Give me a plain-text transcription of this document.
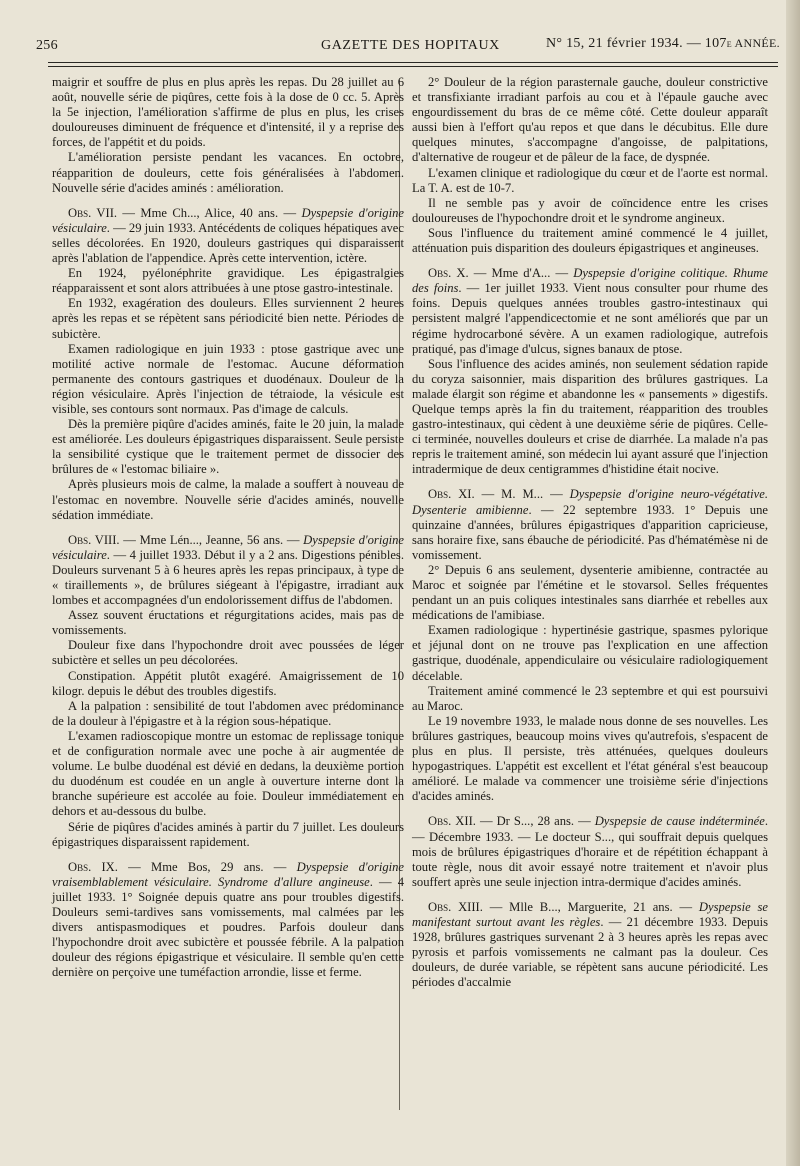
256	GAZETTE DES HOPITAUX	N° 15, 21 février 1934. — 107e ANNÉE.

maigrir et souffre de plus en plus après les repas. Du 28 juillet au 6 août, nouvelle série de piqûres, cette fois à la dose de 0 cc. 5. Après la 5e injection, l'amélioration s'affirme de plus en plus, les crises douloureuses diminuent de fréquence et d'intensité, il y a reprise des forces, de l'appétit et du poids.

L'amélioration persiste pendant les vacances. En octobre, réapparition de douleurs, cette fois généralisées à l'abdomen. Nouvelle série d'acides aminés : amélioration.

Obs. VII. — Mme Ch..., Alice, 40 ans. — Dyspepsie d'origine vésiculaire. — 29 juin 1933. Antécédents de coliques hépatiques avec selles décolorées. En 1920, douleurs gastriques qui disparaissent après l'ablation de l'appendice. Après cette intervention, ictère.

En 1924, pyélonéphrite gravidique. Les épigastralgies réapparaissent et sont alors attribuées à une ptose gastro-intestinale.

En 1932, exagération des douleurs. Elles surviennent 2 heures après les repas et se répètent sans périodicité bien nette. Périodes de subictère.

Examen radiologique en juin 1933 : ptose gastrique avec une motilité active normale de l'estomac. Aucune déformation permanente des contours gastriques et duodénaux. Douleur de la région vésiculaire. Après l'injection de tétraiode, la vésicule est visible, ses contours sont normaux. Pas d'image de calculs.

Dès la première piqûre d'acides aminés, faite le 20 juin, la malade est améliorée. Les douleurs épigastriques disparaissent. Seule persiste la sensibilité cystique que le traitement permet de dissocier des brûlures de « l'estomac biliaire ».

Après plusieurs mois de calme, la malade a souffert à nouveau de l'estomac en novembre. Nouvelle série d'acides aminés, nouvelle sédation immédiate.

Obs. VIII. — Mme Lén..., Jeanne, 56 ans. — Dyspepsie d'origine vésiculaire. — 4 juillet 1933. Début il y a 2 ans. Digestions pénibles. Douleurs survenant 5 à 6 heures après les repas principaux, à type de « tiraillements », de brûlures siégeant à l'épigastre, irradiant aux lombes et accompagnées d'un endolorissement diffus de l'abdomen.

Assez souvent éructations et régurgitations acides, mais pas de vomissements.

Douleur fixe dans l'hypochondre droit avec poussées de léger subictère et selles un peu décolorées.

Constipation. Appétit plutôt exagéré. Amaigrissement de 10 kilogr. depuis le début des troubles digestifs.

A la palpation : sensibilité de tout l'abdomen avec prédominance de la douleur à l'épigastre et à la région sous-hépatique.

L'examen radioscopique montre un estomac de replissage tonique et de configuration normale avec une poche à air augmentée de volume. Le bulbe duodénal est dévié en dedans, la deuxième portion du duodénum est coudée en un angle à ouverture interne dont la branche supérieure est accolée au foie. Douleur immédiatement en dehors et au-dessous du bulbe.

Série de piqûres d'acides aminés à partir du 7 juillet. Les douleurs épigastriques disparaissent rapidement.

Obs. IX. — Mme Bos, 29 ans. — Dyspepsie d'origine vraisemblablement vésiculaire. Syndrome d'allure angineuse. — 4 juillet 1933. 1° Soignée depuis quatre ans pour troubles digestifs. Douleurs semi-tardives sans vomissements, mal calmées par les divers antispasmodiques et poudres. Parfois douleur dans l'hypochondre droit avec subictère et poussée fébrile. A la palpation douleur des régions épigastrique et vésiculaire. Il semble qu'en cette dernière on perçoive une tuméfaction arrondie, lisse et ferme.

2° Douleur de la région parasternale gauche, douleur constrictive et transfixiante irradiant parfois au cou et à l'épaule gauche avec engourdissement du bras de ce même côté. Cette douleur apparaît aussi bien à l'effort qu'au repos et que dans le décubitus. Elle dure quelques minutes, s'accompagne d'angoisse, de palpitations, d'alternative de rougeur et de pâleur de la face, de dyspnée.

L'examen clinique et radiologique du cœur et de l'aorte est normal. La T. A. est de 10-7.

Il ne semble pas y avoir de coïncidence entre les crises douloureuses de l'hypochondre droit et le syndrome angineux.

Sous l'influence du traitement aminé commencé le 4 juillet, atténuation puis disparition des douleurs épigastriques et angineuses.

Obs. X. — Mme d'A... — Dyspepsie d'origine colitique. Rhume des foins. — 1er juillet 1933. Vient nous consulter pour rhume des foins. Depuis quelques années troubles gastro-intestinaux qui persistent malgré l'appendicectomie et ne sont améliorés que par un régime hydrocarboné sévère. A un examen radiologique, autrefois pratiqué, pas d'image d'ulcus, signes banaux de ptose.

Sous l'influence des acides aminés, non seulement sédation rapide du coryza saisonnier, mais disparition des brûlures gastriques. La malade élargit son régime et abandonne les « pansements » digestifs. Quelque temps après la fin du traitement, réapparition des troubles gastro-intestinaux, qui cèdent à une deuxième série de piqûres. Celle-ci terminée, nouvelles douleurs et crise de diarrhée. La malade n'a pas repris le traitement aminé, son médecin lui ayant assuré que l'injection intradermique de deux centigrammes d'histidine était nocive.

Obs. XI. — M. M... — Dyspepsie d'origine neuro-végétative. Dysenterie amibienne. — 22 septembre 1933. 1° Depuis une quinzaine d'années, brûlures épigastriques d'apparition capricieuse, sans horaire fixe, sans ébauche de périodicité. Pas d'hématémèse ni de vomissement.

2° Depuis 6 ans seulement, dysenterie amibienne, contractée au Maroc et soignée par l'émétine et le stovarsol. Selles fréquentes pendant un an puis coliques intestinales sans diarrhée et rebelles aux médications de l'amibiase.

Examen radiologique : hypertinésie gastrique, spasmes pylorique et jéjunal dont on ne trouve pas l'explication en une affection gastrique, duodénale, appendiculaire ou vésiculaire radiologiquement décelable.

Traitement aminé commencé le 23 septembre et qui est poursuivi au Maroc.

Le 19 novembre 1933, le malade nous donne de ses nouvelles. Les brûlures gastriques, beaucoup moins vives qu'autrefois, s'espacent de plus en plus. Il persiste, très atténuées, quelques douleurs hypogastriques. L'appétit est excellent et l'état général s'est beaucoup amélioré. Le malade va commencer une troisième série d'injections d'acides aminés.

Obs. XII. — Dr S..., 28 ans. — Dyspepsie de cause indéterminée. — Décembre 1933. — Le docteur S..., qui souffrait depuis quelques mois de brûlures épigastriques d'horaire et de répétition échappant à toute règle, nous dit avoir essayé notre traitement et n'avoir plus souffert après une seule injection intra-dermique d'acides aminés.

Obs. XIII. — Mlle B..., Marguerite, 21 ans. — Dyspepsie se manifestant surtout avant les règles. — 21 décembre 1933. Depuis 1928, brûlures gastriques survenant 2 à 3 heures après les repas avec pyrosis et parfois vomissements ne calmant pas la douleur. Ces douleurs, de durée variable, se répètent sans aucune périodicité. Les périodes d'accalmie
